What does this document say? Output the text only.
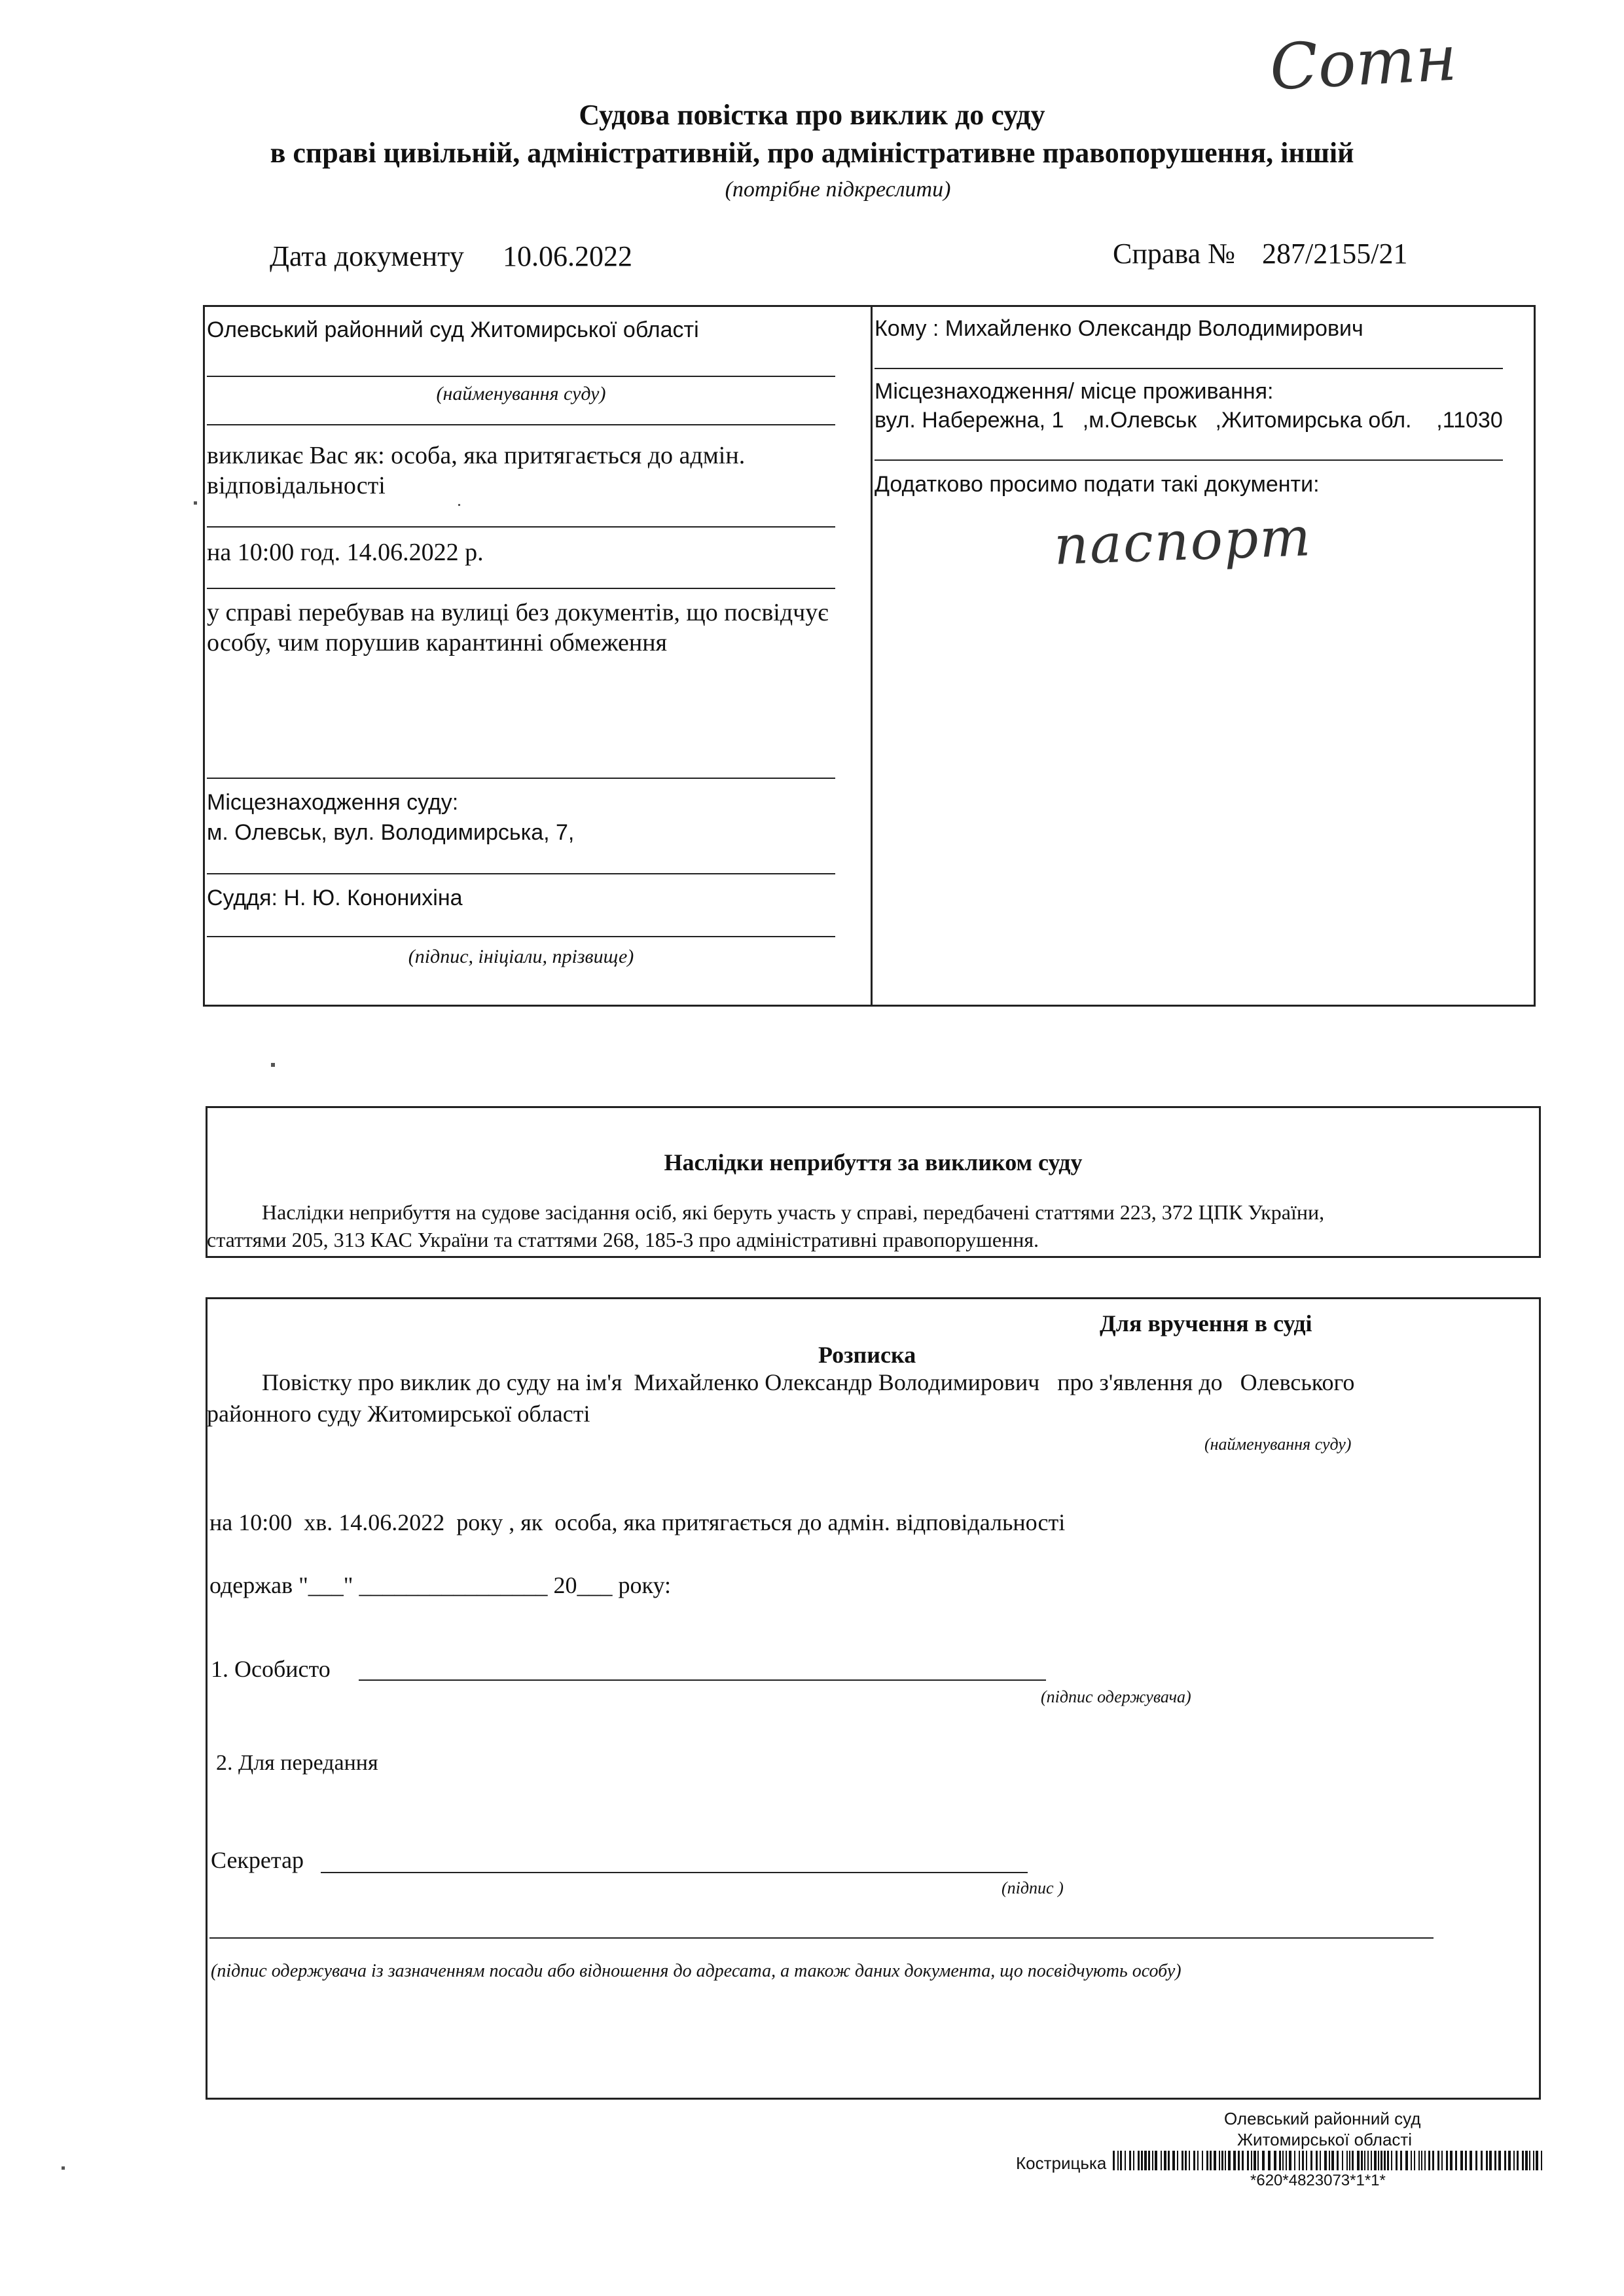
Cотн
Судова повістка про виклик до суду
в справі цивільній, адміністративній, про адміністративне правопорушення, іншій
(потрібне підкреслити)
Дата документу 10.06.2022	Справа № 287/2155/21
Олевський районний суд Житомирської області
(найменування суду)
викликає Вас як: особа, яка притягається до адмін.
відповідальності
на 10:00 год. 14.06.2022 р.
у справі перебував на вулиці без документів, що посвідчує
особу, чим порушив карантинні обмеження
Місцезнаходження суду:
м. Олевськ, вул. Володимирська, 7,
Суддя: Н. Ю. Кононихіна
(підпис, ініціали, прізвище)
Кому : Михайленко Олександр Володимирович
Місцезнаходження/ місце проживання:
вул. Набережна, 1   ,м.Олевськ   ,Житомирська обл.    ,11030
Додатково просимо подати такі документи:
паспорт
Наслідки неприбуття за викликом суду
Наслідки неприбуття на судове засідання осіб, які беруть участь у справі, передбачені статтями 223, 372 ЦПК України,
статтями 205, 313 КАС України та статтями 268, 185-3 про адміністративні правопорушення.
Для вручення в суді
Розписка
Повістку про виклик до суду на ім'я  Михайленко Олександр Володимирович   про з'явлення до   Олевського
районного суду Житомирської області
(найменування суду)
на 10:00  хв. 14.06.2022  року , як  особа, яка притягається до адмін. відповідальності
одержав "___" ________________ 20___ року:
1. Особисто
(підпис одержувача)
2. Для передання
Секретар
(підпис )
(підпис одержувача із зазначенням посади або відношення до адресата, а також даних документа, що посвідчують особу)
Олевський районний суд
Житомирської області
Кострицька
*620*4823073*1*1*
